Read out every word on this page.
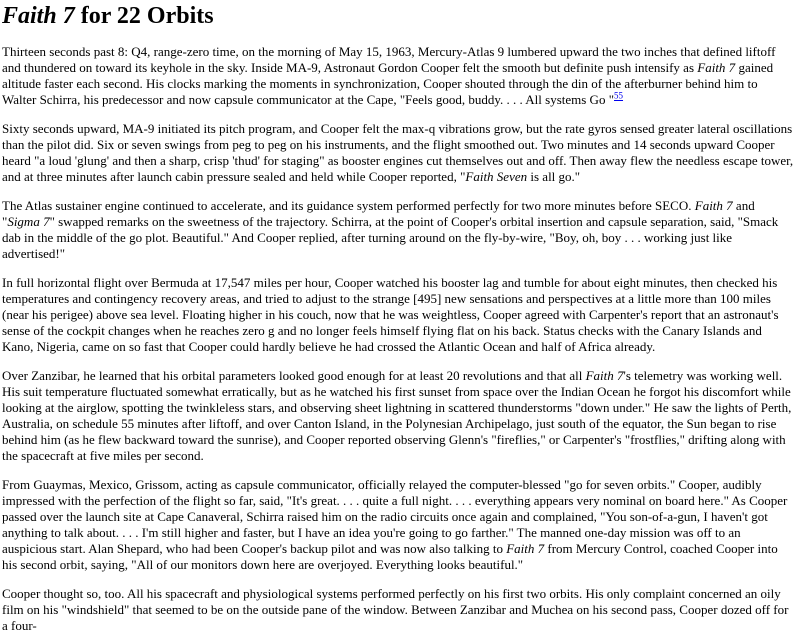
Faith 7 for 22 Orbits

Thirteen seconds past 8: Q4, range-zero time, on the morning of May 15, 1963, Mercury-Atlas 9 lumbered upward the two inches that defined liftoff and thundered on toward its keyhole in the sky. Inside MA-9, Astronaut Gordon Cooper felt the smooth but definite push intensify as Faith 7 gained altitude faster each second. His clocks marking the moments in synchronization, Cooper shouted through the din of the afterburner behind him to Walter Schirra, his predecessor and now capsule communicator at the Cape, "Feels good, buddy. . . . All systems Go "$^{55}$

Sixty seconds upward, MA-9 initiated its pitch program, and Cooper felt the max-q vibrations grow, but the rate gyros sensed greater lateral oscillations than the pilot did. Six or seven swings from peg to peg on his instruments, and the flight smoothed out. Two minutes and 14 seconds upward Cooper heard "a loud 'glung' and then a sharp, crisp 'thud' for staging" as booster engines cut themselves out and off. Then away flew the needless escape tower, and at three minutes after launch cabin pressure sealed and held while Cooper reported, "Faith Seven is all go."

The Atlas sustainer engine continued to accelerate, and its guidance system performed perfectly for two more minutes before SECO. Faith 7 and "Sigma 7" swapped remarks on the sweetness of the trajectory. Schirra, at the point of Cooper's orbital insertion and capsule separation, said, "Smack dab in the middle of the go plot. Beautiful." And Cooper replied, after turning around on the fly-by-wire, "Boy, oh, boy . . . working just like advertised!"

In full horizontal flight over Bermuda at 17,547 miles per hour, Cooper watched his booster lag and tumble for about eight minutes, then checked his temperatures and contingency recovery areas, and tried to adjust to the strange [495] new sensations and perspectives at a little more than 100 miles (near his perigee) above sea level. Floating higher in his couch, now that he was weightless, Cooper agreed with Carpenter's report that an astronaut's sense of the cockpit changes when he reaches zero g and no longer feels himself flying flat on his back. Status checks with the Canary Islands and Kano, Nigeria, came on so fast that Cooper could hardly believe he had crossed the Atlantic Ocean and half of Africa already.

Over Zanzibar, he learned that his orbital parameters looked good enough for at least 20 revolutions and that all Faith 7's telemetry was working well. His suit temperature fluctuated somewhat erratically, but as he watched his first sunset from space over the Indian Ocean he forgot his discomfort while looking at the airglow, spotting the twinkleless stars, and observing sheet lightning in scattered thunderstorms "down under." He saw the lights of Perth, Australia, on schedule 55 minutes after liftoff, and over Canton Island, in the Polynesian Archipelago, just south of the equator, the Sun began to rise behind him (as he flew backward toward the sunrise), and Cooper reported observing Glenn's "fireflies," or Carpenter's "frostflies," drifting along with the spacecraft at five miles per second.

From Guaymas, Mexico, Grissom, acting as capsule communicator, officially relayed the computer-blessed "go for seven orbits." Cooper, audibly impressed with the perfection of the flight so far, said, "It's great. . . . quite a full night. . . . everything appears very nominal on board here." As Cooper passed over the launch site at Cape Canaveral, Schirra raised him on the radio circuits once again and complained, "You son-of-a-gun, I haven't got anything to talk about. . . . I'm still higher and faster, but I have an idea you're going to go farther." The manned one-day mission was off to an auspicious start. Alan Shepard, who had been Cooper's backup pilot and was now also talking to Faith 7 from Mercury Control, coached Cooper into his second orbit, saying, "All of our monitors down here are overjoyed. Everything looks beautiful."

Cooper thought so, too. All his spacecraft and physiological systems performed perfectly on his first two orbits. His only complaint concerned an oily film on his "windshield" that seemed to be on the outside pane of the window. Between Zanzibar and Muchea on his second pass, Cooper dozed off for a four-
